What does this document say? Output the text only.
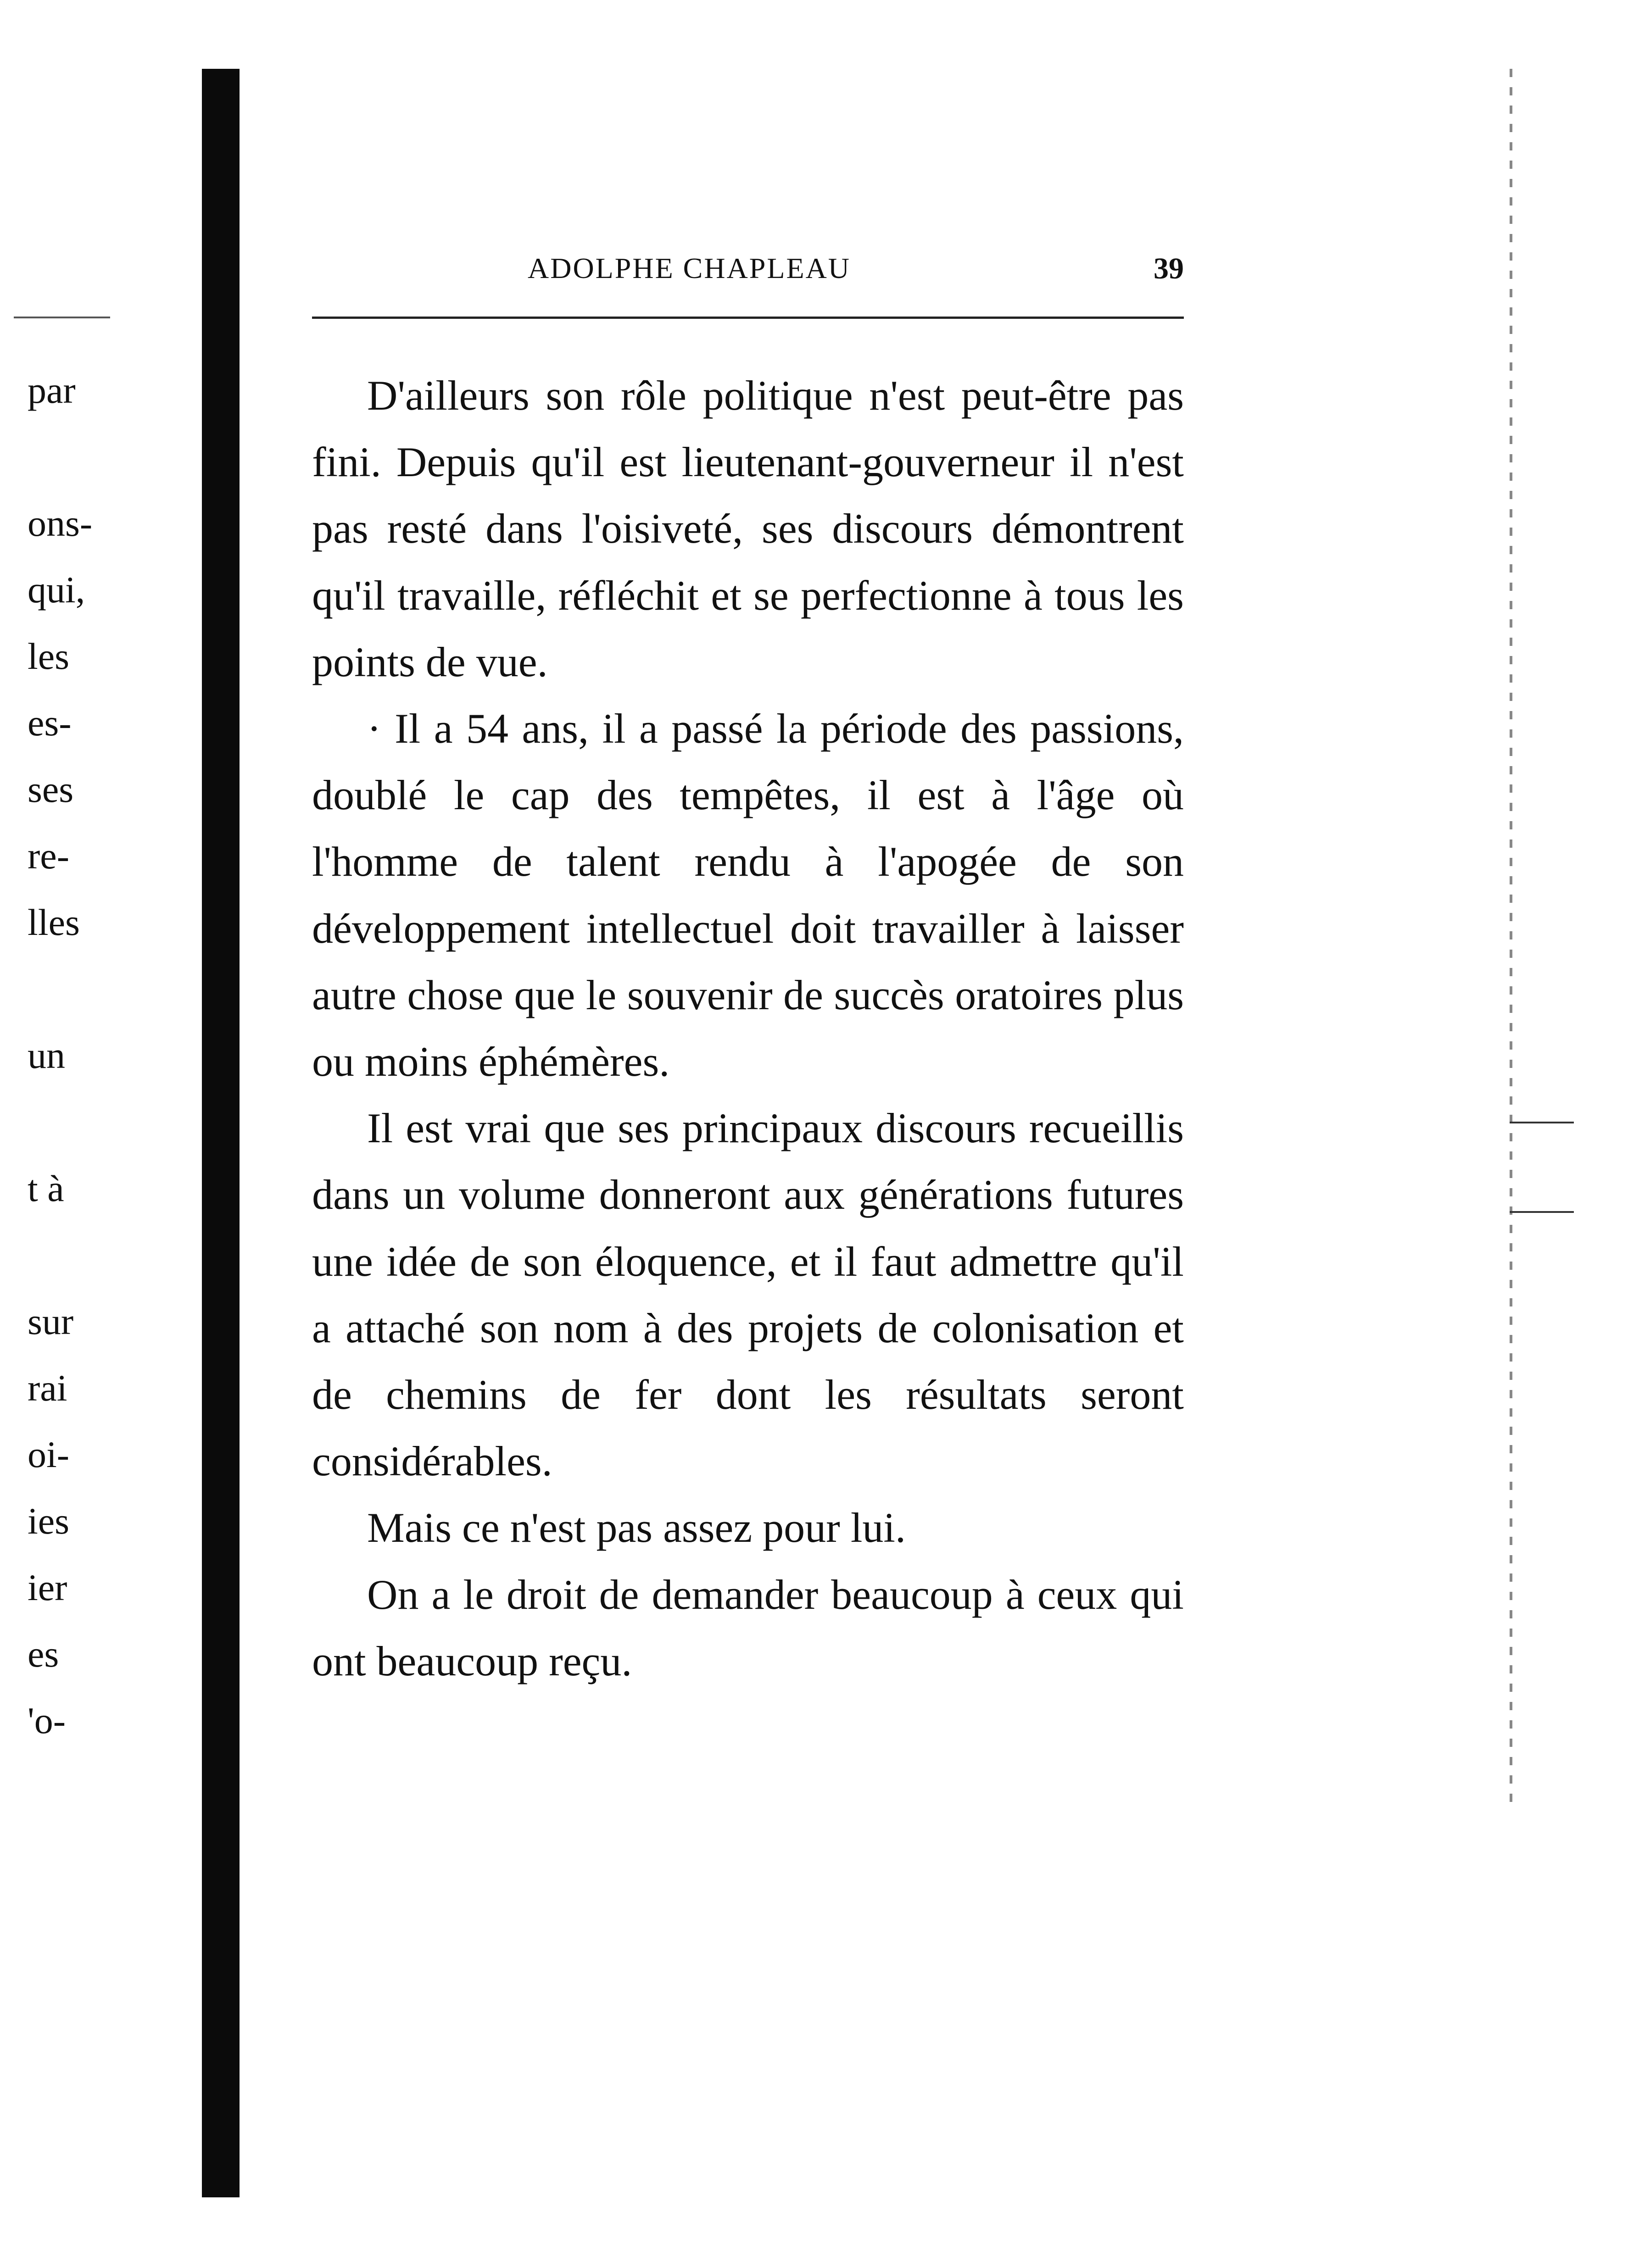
par
ons-
qui,
les
es-
ses
re-
lles
un
t à
sur
rai
oi-
ies
ier
es
'o-
ADOLPHE CHAPLEAU	39

D'ailleurs son rôle politique n'est peut-être pas fini. Depuis qu'il est lieutenant-gouverneur il n'est pas resté dans l'oisiveté, ses discours démontrent qu'il travaille, réfléchit et se perfectionne à tous les points de vue.

· Il a 54 ans, il a passé la période des passions, doublé le cap des tempêtes, il est à l'âge où l'homme de talent rendu à l'apogée de son développement intellectuel doit travailler à laisser autre chose que le souvenir de succès oratoires plus ou moins éphémères.

Il est vrai que ses principaux discours recueillis dans un volume donneront aux générations futures une idée de son éloquence, et il faut admettre qu'il a attaché son nom à des projets de colonisation et de chemins de fer dont les résultats seront considérables.

Mais ce n'est pas assez pour lui.

On a le droit de demander beaucoup à ceux qui ont beaucoup reçu.
